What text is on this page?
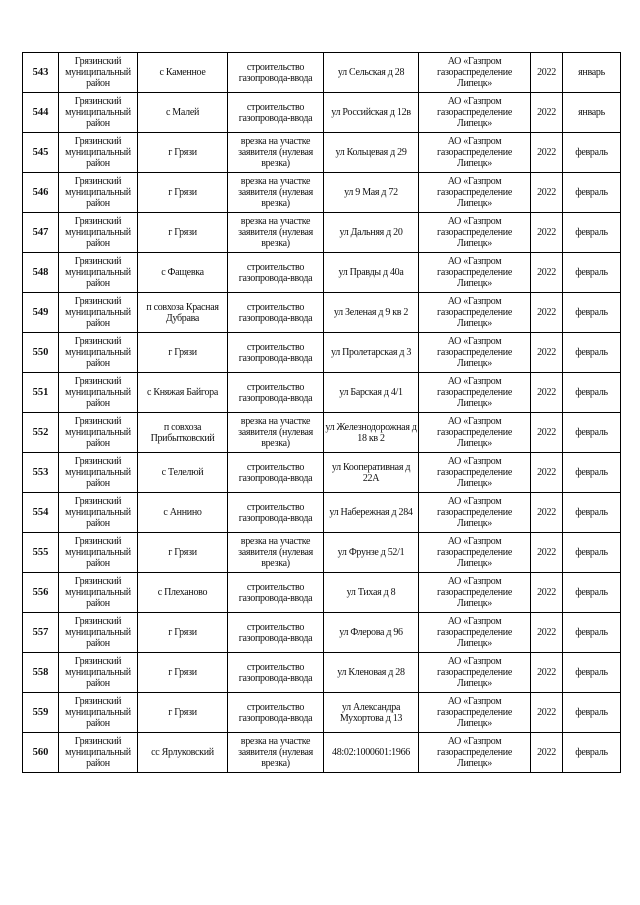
543	Грязинский муниципальный район	с Каменное	строительство газопровода-ввода	ул Сельская д 28	АО «Газпром газораспределение Липецк»	2022	январь
544	Грязинский муниципальный район	с Малей	строительство газопровода-ввода	ул Российская д 12в	АО «Газпром газораспределение Липецк»	2022	январь
545	Грязинский муниципальный район	г Грязи	врезка на участке заявителя (нулевая врезка)	ул Кольцевая д 29	АО «Газпром газораспределение Липецк»	2022	февраль
546	Грязинский муниципальный район	г Грязи	врезка на участке заявителя (нулевая врезка)	ул 9 Мая д 72	АО «Газпром газораспределение Липецк»	2022	февраль
547	Грязинский муниципальный район	г Грязи	врезка на участке заявителя (нулевая врезка)	ул Дальняя д 20	АО «Газпром газораспределение Липецк»	2022	февраль
548	Грязинский муниципальный район	с Фащевка	строительство газопровода-ввода	ул Правды д 40а	АО «Газпром газораспределение Липецк»	2022	февраль
549	Грязинский муниципальный район	п совхоза Красная Дубрава	строительство газопровода-ввода	ул Зеленая д 9 кв 2	АО «Газпром газораспределение Липецк»	2022	февраль
550	Грязинский муниципальный район	г Грязи	строительство газопровода-ввода	ул Пролетарская д 3	АО «Газпром газораспределение Липецк»	2022	февраль
551	Грязинский муниципальный район	с Княжая Байгора	строительство газопровода-ввода	ул Барская д 4/1	АО «Газпром газораспределение Липецк»	2022	февраль
552	Грязинский муниципальный район	п совхоза Прибытковский	врезка на участке заявителя (нулевая врезка)	ул Железнодорожная д 18 кв 2	АО «Газпром газораспределение Липецк»	2022	февраль
553	Грязинский муниципальный район	с Телелюй	строительство газопровода-ввода	ул Кооперативная д 22А	АО «Газпром газораспределение Липецк»	2022	февраль
554	Грязинский муниципальный район	с Аннино	строительство газопровода-ввода	ул Набережная д 284	АО «Газпром газораспределение Липецк»	2022	февраль
555	Грязинский муниципальный район	г Грязи	врезка на участке заявителя (нулевая врезка)	ул Фрунзе д 52/1	АО «Газпром газораспределение Липецк»	2022	февраль
556	Грязинский муниципальный район	с Плеханово	строительство газопровода-ввода	ул Тихая д 8	АО «Газпром газораспределение Липецк»	2022	февраль
557	Грязинский муниципальный район	г Грязи	строительство газопровода-ввода	ул Флерова д 96	АО «Газпром газораспределение Липецк»	2022	февраль
558	Грязинский муниципальный район	г Грязи	строительство газопровода-ввода	ул Кленовая д 28	АО «Газпром газораспределение Липецк»	2022	февраль
559	Грязинский муниципальный район	г Грязи	строительство газопровода-ввода	ул Александра Мухортова д 13	АО «Газпром газораспределение Липецк»	2022	февраль
560	Грязинский муниципальный район	сс Ярлуковский	врезка на участке заявителя (нулевая врезка)	48:02:1000601:1966	АО «Газпром газораспределение Липецк»	2022	февраль
